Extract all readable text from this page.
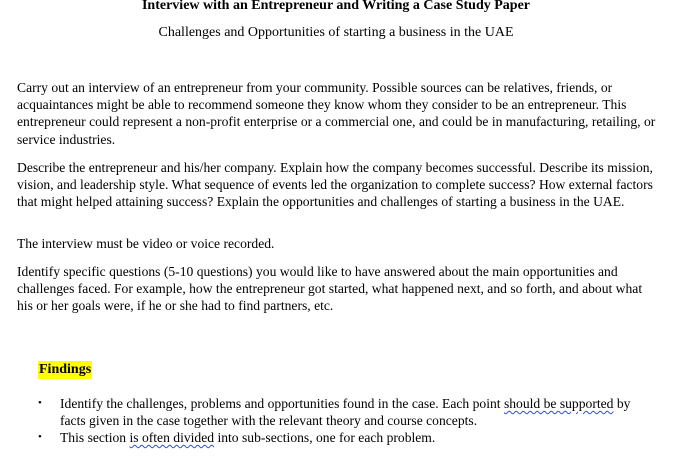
Interview with an Entrepreneur and Writing a Case Study Paper
Challenges and Opportunities of starting a business in the UAE

Carry out an interview of an entrepreneur from your community. Possible sources can be relatives, friends, or acquaintances might be able to recommend someone they know whom they consider to be an entrepreneur. This entrepreneur could represent a non-profit enterprise or a commercial one, and could be in manufacturing, retailing, or service industries.

Describe the entrepreneur and his/her company. Explain how the company becomes successful. Describe its mission, vision, and leadership style. What sequence of events led the organization to complete success? How external factors that might helped attaining success? Explain the opportunities and challenges of starting a business in the UAE.

The interview must be video or voice recorded.

Identify specific questions (5-10 questions) you would like to have answered about the main opportunities and challenges faced. For example, how the entrepreneur got started, what happened next, and so forth, and about what his or her goals were, if he or she had to find partners, etc.

Findings
•	Identify the challenges, problems and opportunities found in the case. Each point should be supported by facts given in the case together with the relevant theory and course concepts.
•	This section is often divided into sub-sections, one for each problem.
